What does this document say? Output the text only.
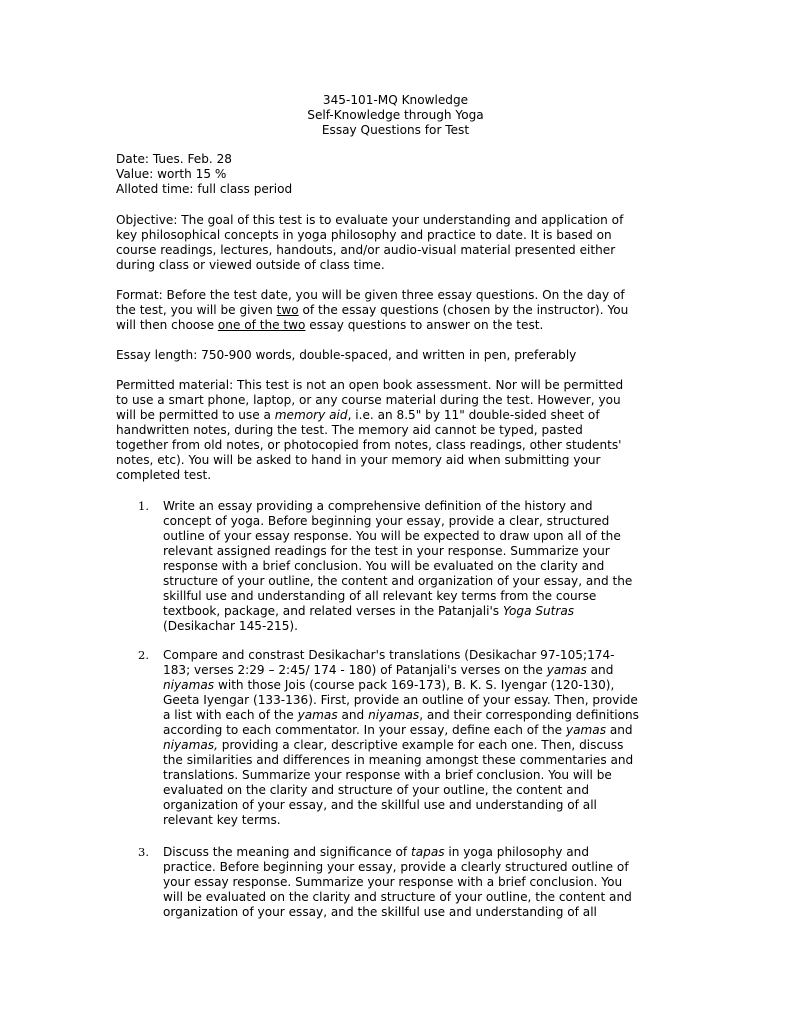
345-101-MQ Knowledge
Self-Knowledge through Yoga
Essay Questions for Test
Date: Tues. Feb. 28
Value: worth 15 %
Alloted time: full class period
Objective: The goal of this test is to evaluate your understanding and application of
key philosophical concepts in yoga philosophy and practice to date. It is based on
course readings, lectures, handouts, and/or audio-visual material presented either
during class or viewed outside of class time.
Format: Before the test date, you will be given three essay questions. On the day of
the test, you will be given two of the essay questions (chosen by the instructor). You
will then choose one of the two essay questions to answer on the test.
Essay length: 750-900 words, double-spaced, and written in pen, preferably
Permitted material: This test is not an open book assessment. Nor will be permitted
to use a smart phone, laptop, or any course material during the test. However, you
will be permitted to use a memory aid, i.e. an 8.5" by 11" double-sided sheet of
handwritten notes, during the test. The memory aid cannot be typed, pasted
together from old notes, or photocopied from notes, class readings, other students'
notes, etc). You will be asked to hand in your memory aid when submitting your
completed test.
1. Write an essay providing a comprehensive definition of the history and
concept of yoga. Before beginning your essay, provide a clear, structured
outline of your essay response. You will be expected to draw upon all of the
relevant assigned readings for the test in your response. Summarize your
response with a brief conclusion. You will be evaluated on the clarity and
structure of your outline, the content and organization of your essay, and the
skillful use and understanding of all relevant key terms from the course
textbook, package, and related verses in the Patanjali's Yoga Sutras
(Desikachar 145-215).
2. Compare and constrast Desikachar's translations (Desikachar 97-105;174-
183; verses 2:29 – 2:45/ 174 - 180) of Patanjali's verses on the yamas and
niyamas with those Jois (course pack 169-173), B. K. S. Iyengar (120-130),
Geeta Iyengar (133-136). First, provide an outline of your essay. Then, provide
a list with each of the yamas and niyamas, and their corresponding definitions
according to each commentator. In your essay, define each of the yamas and
niyamas, providing a clear, descriptive example for each one. Then, discuss
the similarities and differences in meaning amongst these commentaries and
translations. Summarize your response with a brief conclusion. You will be
evaluated on the clarity and structure of your outline, the content and
organization of your essay, and the skillful use and understanding of all
relevant key terms.
3. Discuss the meaning and significance of tapas in yoga philosophy and
practice. Before beginning your essay, provide a clearly structured outline of
your essay response. Summarize your response with a brief conclusion. You
will be evaluated on the clarity and structure of your outline, the content and
organization of your essay, and the skillful use and understanding of all
